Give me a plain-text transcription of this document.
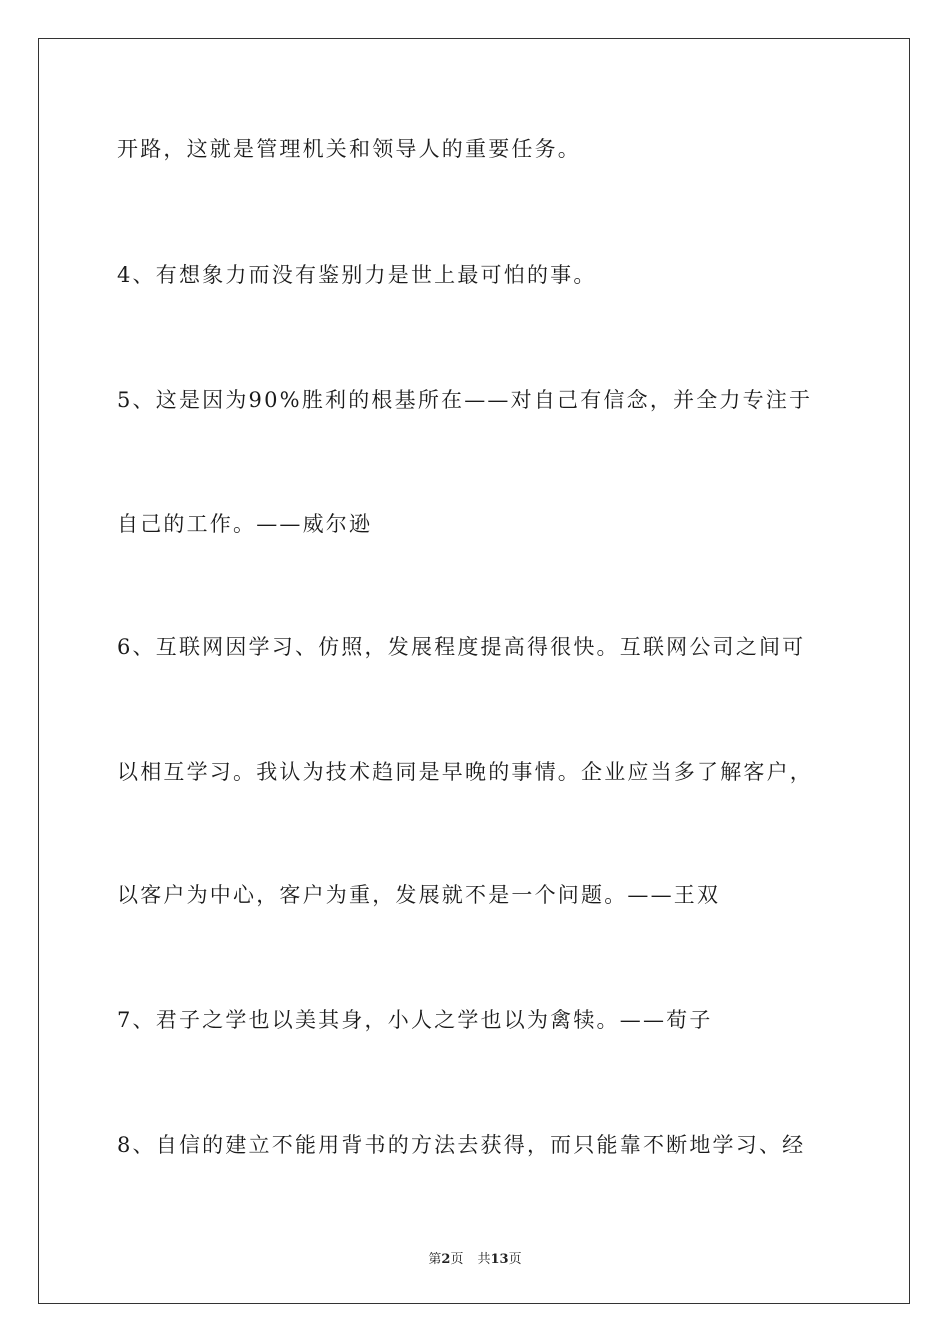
开路，这就是管理机关和领导人的重要任务。
4、有想象力而没有鉴别力是世上最可怕的事。
5、这是因为90%胜利的根基所在——对自己有信念，并全力专注于
自己的工作。——威尔逊
6、互联网因学习、仿照，发展程度提高得很快。互联网公司之间可
以相互学习。我认为技术趋同是早晚的事情。企业应当多了解客户，
以客户为中心，客户为重，发展就不是一个问题。——王双
7、君子之学也以美其身，小人之学也以为禽犊。——荀子
8、自信的建立不能用背书的方法去获得，而只能靠不断地学习、经
第2页 共13页
